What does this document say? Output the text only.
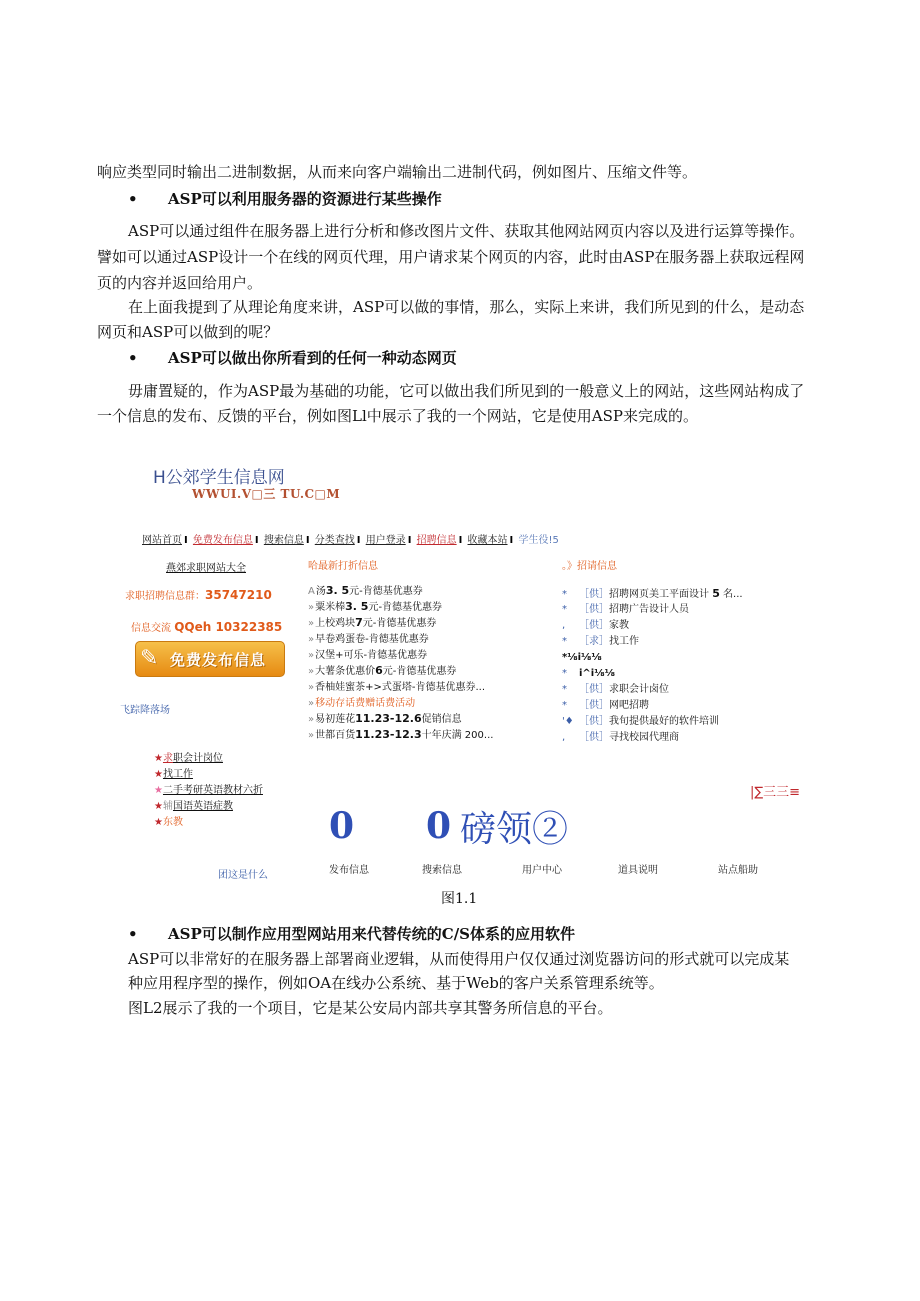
响应类型同时输出二进制数据，从而来向客户端输出二进制代码，例如图片、压缩文件等。
• ASP可以利用服务器的资源进行某些操作
ASP可以通过组件在服务器上进行分析和修改图片文件、获取其他网站网页内容以及进行运算等操作。
譬如可以通过ASP设计一个在线的网页代理，用户请求某个网页的内容，此时由ASP在服务器上获取远程网
页的内容并返回给用户。
在上面我提到了从理论角度来讲，ASP可以做的事情，那么，实际上来讲，我们所见到的什么，是动态
网页和ASP可以做到的呢？
• ASP可以做出你所看到的任何一种动态网页
毋庸置疑的，作为ASP最为基础的功能，它可以做出我们所见到的一般意义上的网站，这些网站构成了
一个信息的发布、反馈的平台，例如图Ll中展示了我的一个网站，它是使用ASP来完成的。
H公郊学生信息网
WWUI.V□三 TU.C□M
网站首页 I 免费发布信息 I 搜索信息 I 分类查找 I 用户登录 I 招聘信息 I 收藏本站 I 学生役!5
燕郊求职网站大全
求职招聘信息群：35747210
信息交流 QQeh 10322385
✎ 免费发布信息
飞踪降落场
哈最新打折信息
A汤3. 5元-肯德基优惠券
»粟米棒3. 5元-肯德基优惠券
»上校鸡块7元-肯德基优惠券
»早卷鸡蛋卷-肯德基优惠券
»汉堡+可乐-肯德基优惠券
»大薯条优惠价6元-肯德基优惠券
»香柚娃蜜茶+>式蛋塔-肯德基优惠券...
»移动存话费赠话费活动
»易初莲花11.23-12.6促销信息
»世都百货11.23-12.3十年庆满 200...
。》招请信息
* ［供］招聘网页美工平面设计 5 名...
* ［供］招聘广告设计人员
, ［供］家教
* ［求］找工作
*⅛i⅛⅛
* i^i⅛⅛
* ［供］求职会计卤位
* ［供］网吧招聘
'♦ ［供］我旬提供最好的软件培训
, ［供］寻找校园代理商
|∑三三≡
★求职会计岗位
★找工作
★二手考研英语教材六折
★辅国语英语症教
★东教	0 0 磅领②
发布信息	搜索信息	用户中心	道具说明	站点船助
团这是什么
图1.1
• ASP可以制作应用型网站用来代替传统的C/S体系的应用软件
ASP可以非常好的在服务器上部署商业逻辑，从而使得用户仅仅通过浏览器访问的形式就可以完成某
种应用程序型的操作，例如OA在线办公系统、基于Web的客户关系管理系统等。
图L2展示了我的一个项目，它是某公安局内部共享其警务所信息的平台。
